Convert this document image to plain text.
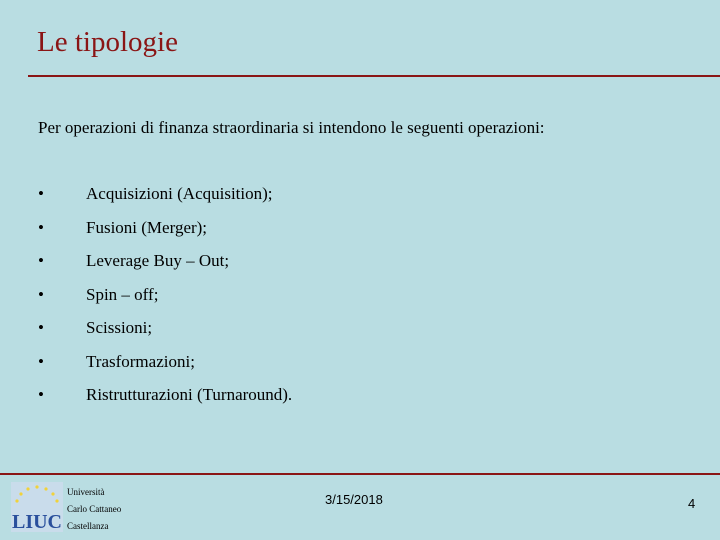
Le tipologie

Per operazioni di finanza straordinaria si intendono le seguenti operazioni:

•	Acquisizioni (Acquisition);
•	Fusioni (Merger);
•	Leverage Buy – Out;
•	Spin – off;
•	Scissioni;
•	Trasformazioni;
•	Ristrutturazioni (Turnaround).
LIUC
Università
Carlo Cattaneo
Castellanza
3/15/2018	4
